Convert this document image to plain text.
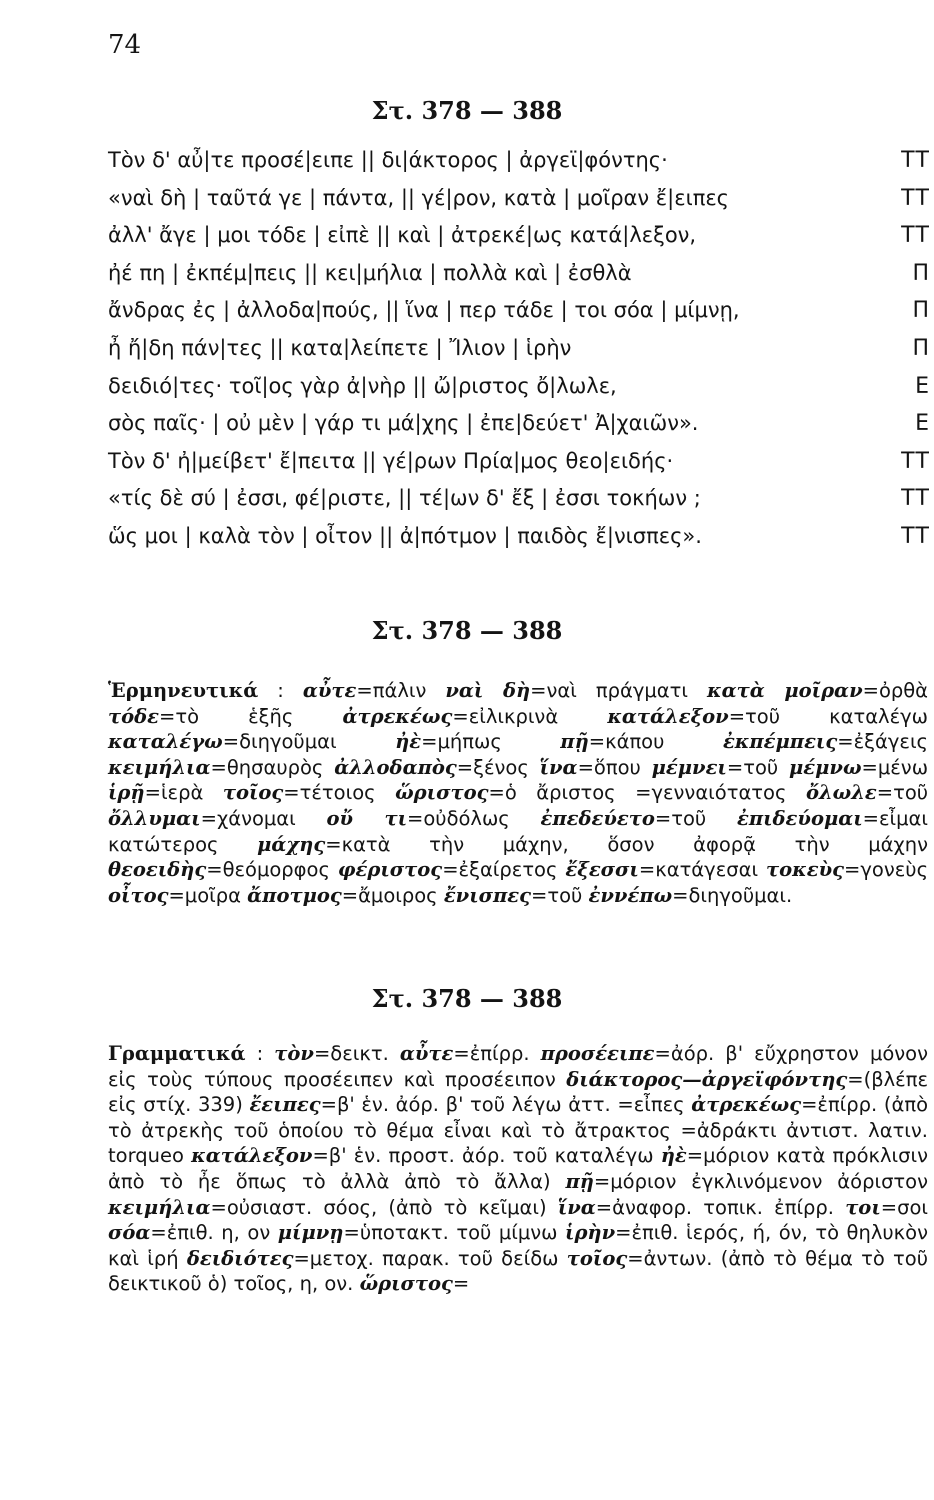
74
Στ. 378 — 388
Τὸν δ' αὖ|τε προσέ|ειπε || δι|άκτορος | ἀργεϊ|φόντης·	ΤΤ
«ναὶ δὴ | ταῦτά γε | πάντα, || γέ|ρον, κατὰ | μοῖραν ἔ|ειπες	ΤΤ
ἀλλ' ἄγε | μοι τόδε | εἰπὲ || καὶ | ἀτρεκέ|ως κατά|λεξον,	ΤΤ
ἠέ πη | ἐκπέμ|πεις || κει|μήλια | πολλὰ καὶ | ἐσθλὰ	Π
ἄνδρας ἐς | ἀλλοδα|πούς, || ἵνα | περ τάδε | τοι σόα | μίμνῃ,	Π
ἦ ἤ|δη πάν|τες || κατα|λείπετε | Ἴλιον | ἱρὴν	Π
δειδιό|τες· τοῖ|ος γὰρ ἀ|νὴρ || ὤ|ριστος ὄ|λωλε,	Ε
σὸς παῖς· | οὐ μὲν | γάρ τι μά|χης | ἐπε|δεύετ' Ἀ|χαιῶν».	Ε
Τὸν δ' ἠ|μείβετ' ἔ|πειτα || γέ|ρων Πρία|μος θεο|ειδής·	ΤΤ
«τίς δὲ σύ | ἐσσι, φέ|ριστε, || τέ|ων δ' ἔξ | ἐσσι τοκήων ;	ΤΤ
ὥς μοι | καλὰ τὸν | οἶτον || ἀ|πότμον | παιδὸς ἔ|νισπες».	ΤΤ
Στ. 378 — 388
Ἑρμηνευτικά : αὖτε=πάλιν ναὶ δὴ=ναὶ πράγματι κατὰ μοῖραν=ὀρθὰ τόδε=τὸ ἑξῆς	ἀτρεκέως=εἰλικρινὰ	κατάλεξον=τοῦ καταλέγω καταλέγω=διηγοῦμαι	ἠὲ=μήπως	πῇ=κάπου	ἐκπέμπεις=ἐξάγεις κειμήλια=θησαυρὸς ἀλλοδαπὸς=ξένος ἵνα=ὅπου μέμνει=τοῦ μέμνω=μένω ἱρῇ=ἱερὰ τοῖος=τέτοιος ὥριστος=ὁ ἄριστος =γενναιότατος ὄλωλε=τοῦ ὄλλυμαι=χάνομαι οὔ τι=οὐδόλως ἐπεδεύετο=τοῦ ἐπιδεύομαι=εἶμαι κατώτερος μάχης=κατὰ τὴν μάχην, ὅσον ἀφορᾷ τὴν μάχην θεοειδὴς=θεόμορφος φέριστος=ἐξαίρετος ἔξεσσι=κατάγεσαι τοκεὺς=γονεὺς οἶτος=μοῖρα ἄποτμος=ἄμοιρος ἔνισπες=τοῦ ἐννέπω=διηγοῦμαι.
Στ. 378 — 388
Γραμματικά : τὸν=δεικτ. αὖτε=ἐπίρρ. προσέειπε=ἀόρ. β' εὔχρηστον μόνον εἰς τοὺς τύπους προσέειπεν καὶ προσέειπον διάκτορος—ἀργεϊφόντης=(βλέπε εἰς στίχ. 339) ἔειπες=β' ἑν. ἀόρ. β' τοῦ λέγω ἀττ. =εἶπες ἀτρεκέως=ἐπίρρ. (ἀπὸ τὸ ἀτρεκὴς τοῦ ὁποίου τὸ θέμα εἶναι καὶ τὸ ἄτρακτος =ἀδράκτι ἀντιστ. λατιν. torqueo κατάλεξον=β' ἑν. προστ. ἀόρ. τοῦ καταλέγω ἠὲ=μόριον κατὰ πρόκλισιν ἀπὸ τὸ ἦε ὅπως τὸ ἀλλὰ ἀπὸ τὸ ἄλλα) πῇ=μόριον ἐγκλινόμενον ἀόριστον κειμήλια=οὐσιαστ. σόος, (ἀπὸ τὸ κεῖμαι) ἵνα=ἀναφορ. τοπικ. ἐπίρρ. τοι=σοι σόα=ἐπιθ. η, ον μίμνῃ=ὑποτακτ. τοῦ μίμνω ἱρὴν=ἐπιθ. ἱερός, ή, όν, τὸ θηλυκὸν καὶ ἱρή δειδιότες=μετοχ. παρακ. τοῦ δείδω τοῖος=ἀντων. (ἀπὸ τὸ θέμα τὸ τοῦ δεικτικοῦ ὁ) τοῖος, η, ον. ὥριστος=
